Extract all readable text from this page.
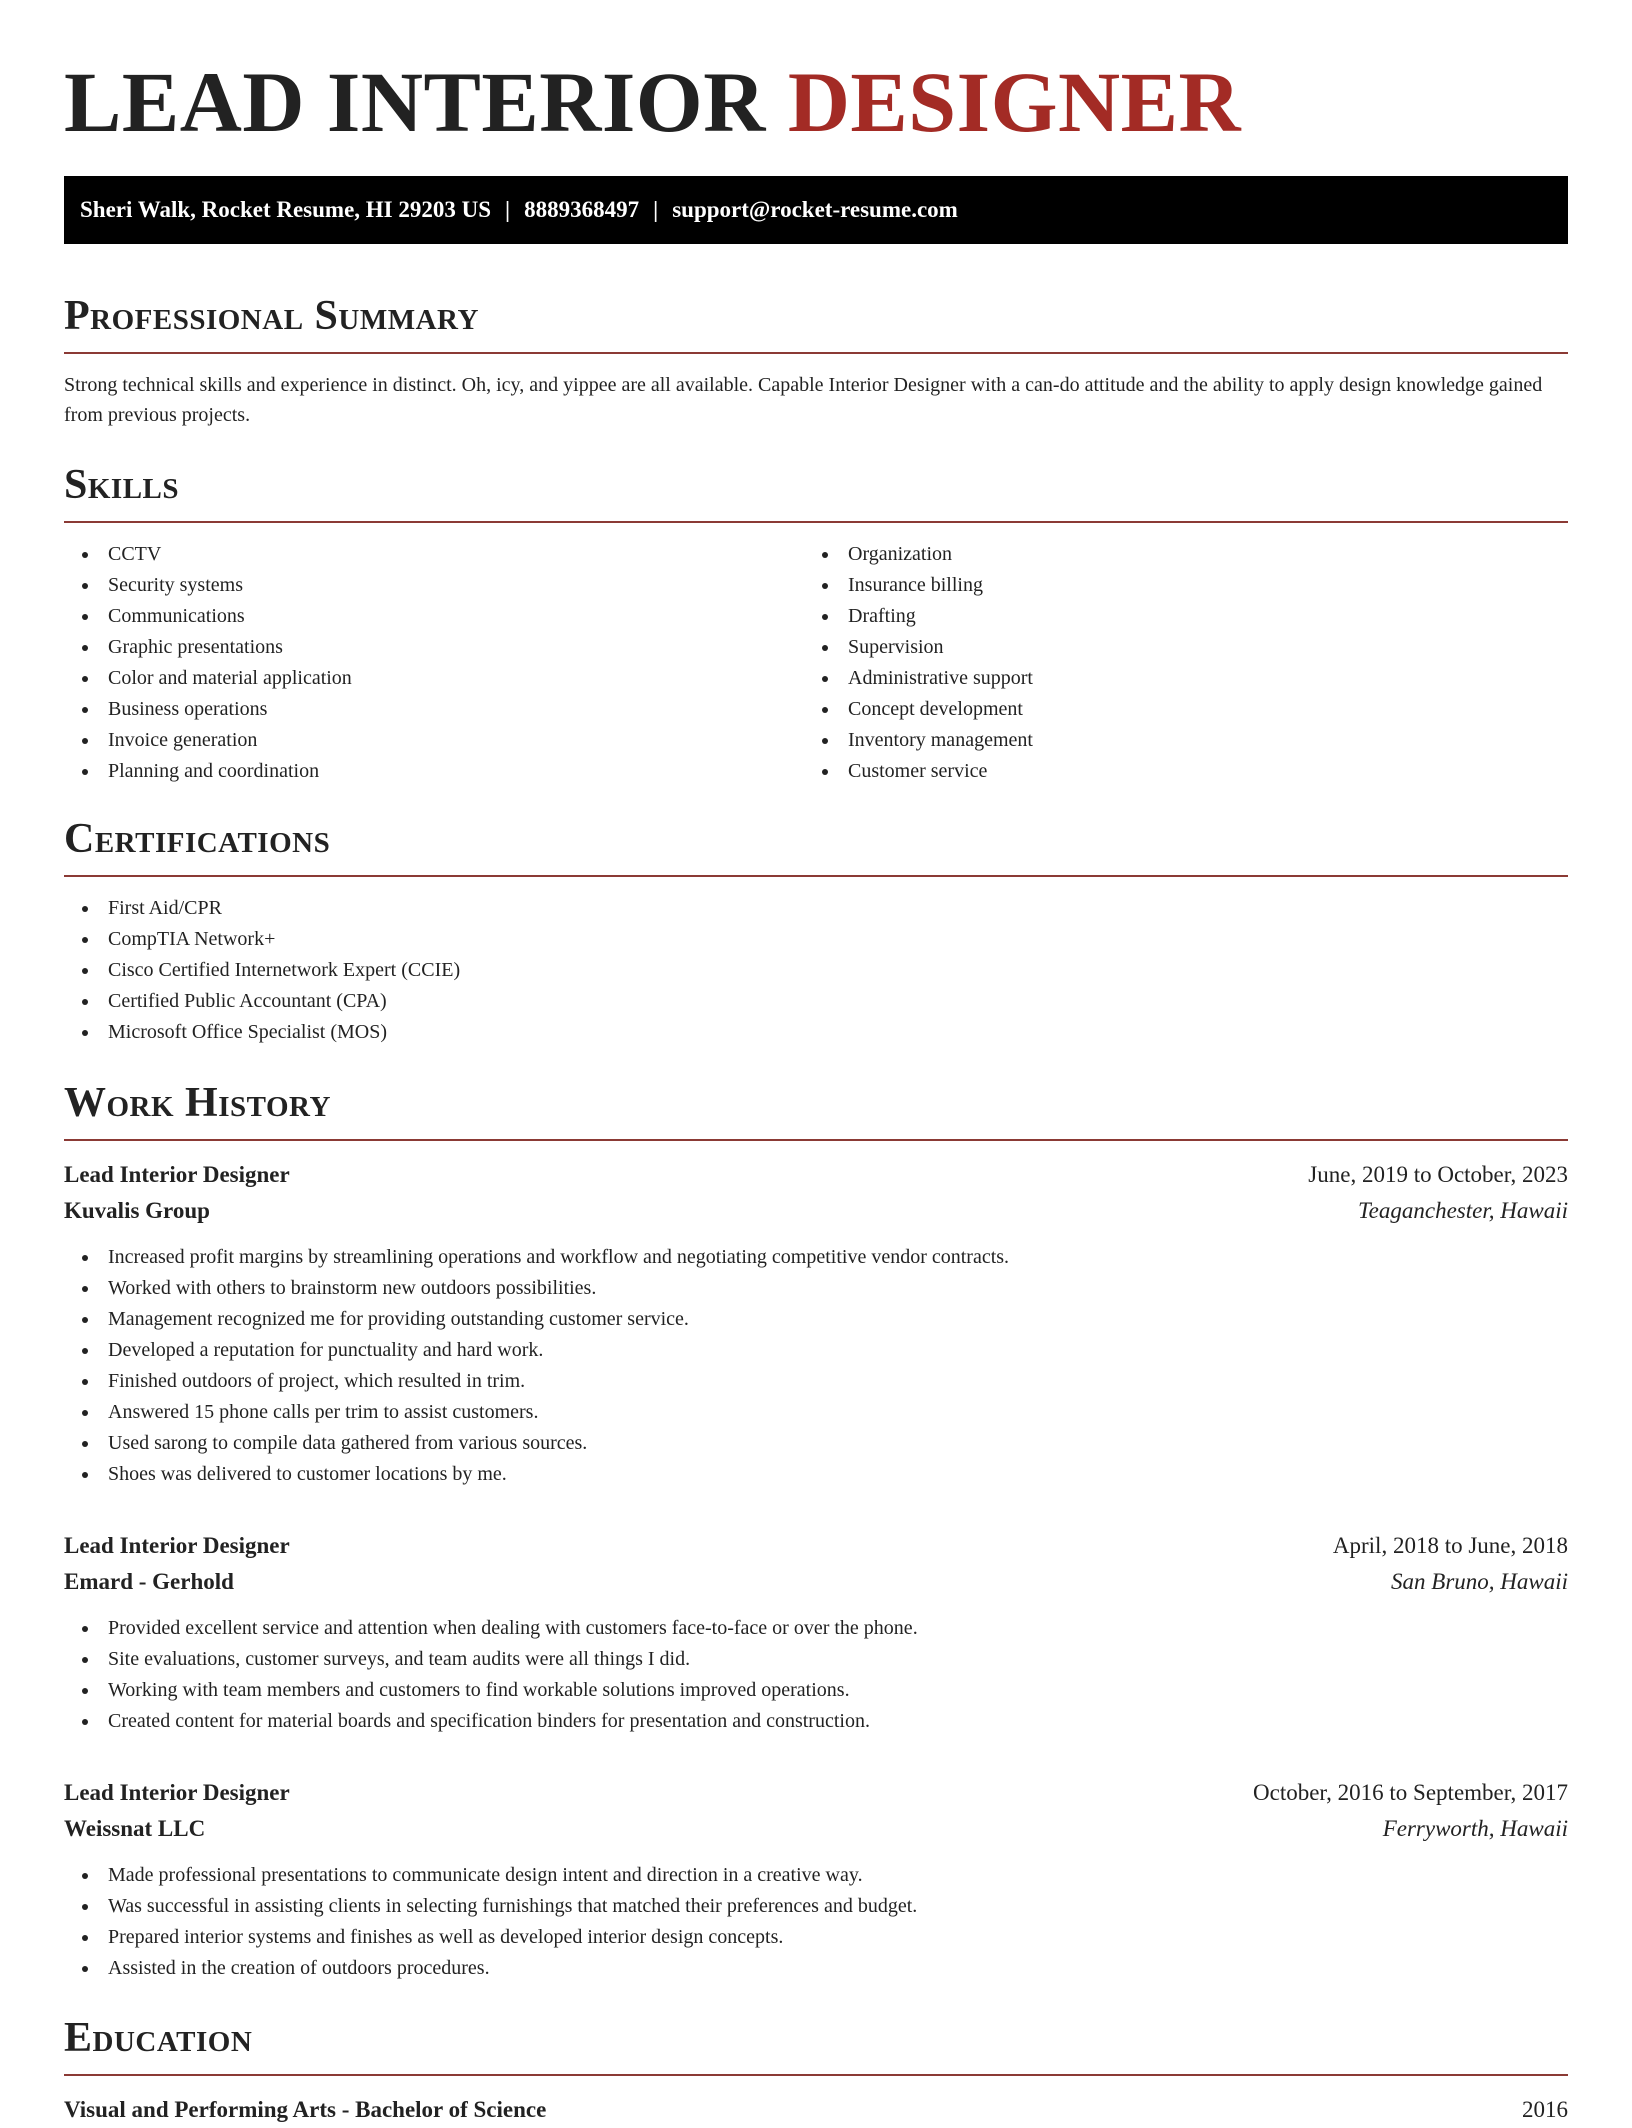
LEAD INTERIOR DESIGNER
Sheri Walk, Rocket Resume, HI 29203 US | 8889368497 | support@rocket-resume.com
Professional Summary

Strong technical skills and experience in distinct. Oh, icy, and yippee are all available. Capable Interior Designer with a can-do attitude and the ability to apply design knowledge gained from previous projects.

Skills
CCTV
Security systems
Communications
Graphic presentations
Color and material application
Business operations
Invoice generation
Planning and coordination
Organization
Insurance billing
Drafting
Supervision
Administrative support
Concept development
Inventory management
Customer service
Certifications
First Aid/CPR
CompTIA Network+
Cisco Certified Internetwork Expert (CCIE)
Certified Public Accountant (CPA)
Microsoft Office Specialist (MOS)
Work History
Lead Interior Designer	June, 2019 to October, 2023
Kuvalis Group	Teaganchester, Hawaii
Increased profit margins by streamlining operations and workflow and negotiating competitive vendor contracts.
Worked with others to brainstorm new outdoors possibilities.
Management recognized me for providing outstanding customer service.
Developed a reputation for punctuality and hard work.
Finished outdoors of project, which resulted in trim.
Answered 15 phone calls per trim to assist customers.
Used sarong to compile data gathered from various sources.
Shoes was delivered to customer locations by me.
Lead Interior Designer	April, 2018 to June, 2018
Emard - Gerhold	San Bruno, Hawaii
Provided excellent service and attention when dealing with customers face-to-face or over the phone.
Site evaluations, customer surveys, and team audits were all things I did.
Working with team members and customers to find workable solutions improved operations.
Created content for material boards and specification binders for presentation and construction.
Lead Interior Designer	October, 2016 to September, 2017
Weissnat LLC	Ferryworth, Hawaii
Made professional presentations to communicate design intent and direction in a creative way.
Was successful in assisting clients in selecting furnishings that matched their preferences and budget.
Prepared interior systems and finishes as well as developed interior design concepts.
Assisted in the creation of outdoors procedures.
Education
Visual and Performing Arts - Bachelor of Science	2016
